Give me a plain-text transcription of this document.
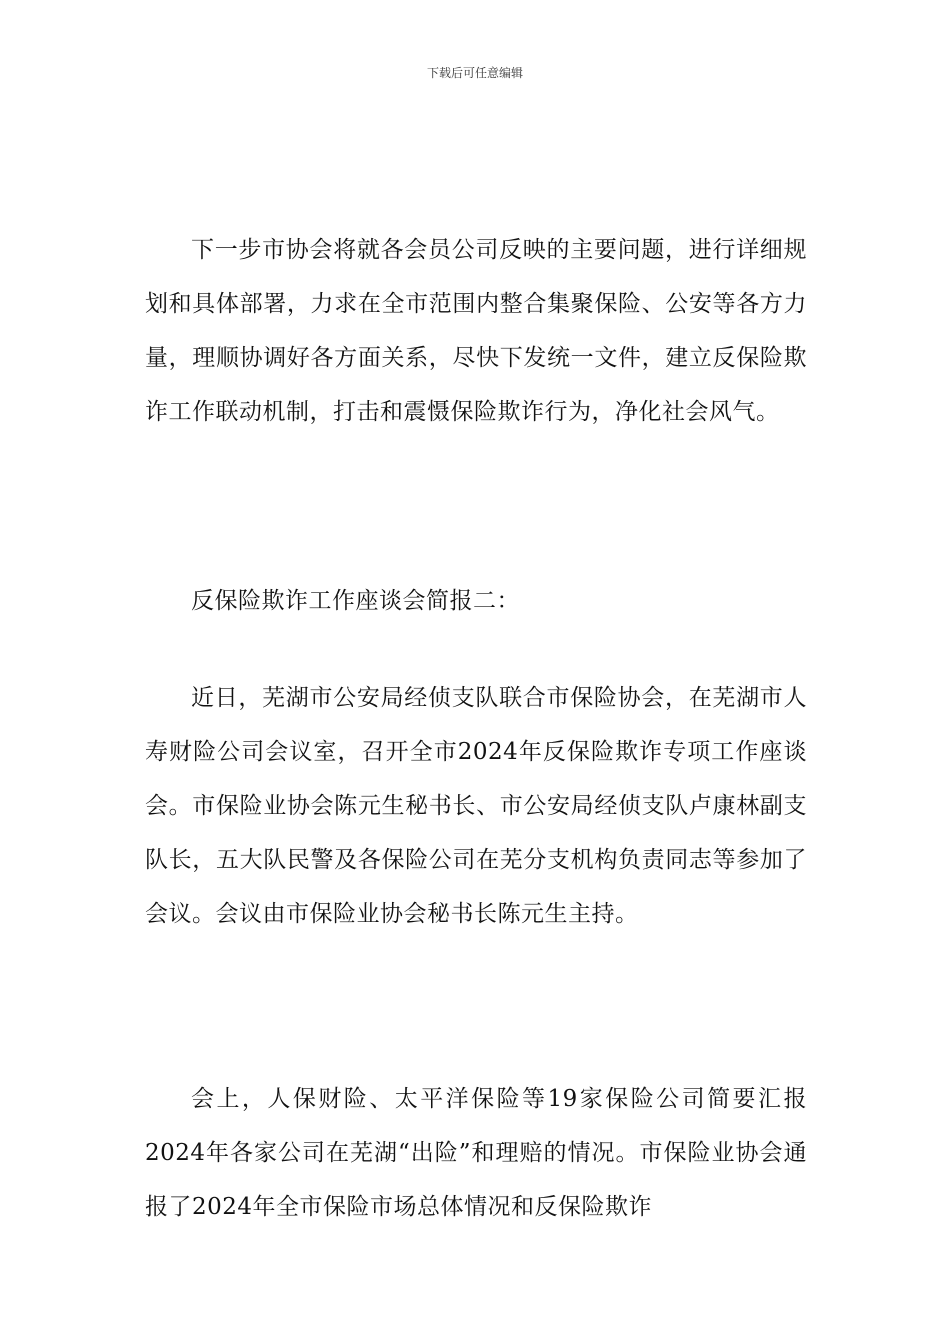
下载后可任意编辑

下一步市协会将就各会员公司反映的主要问题，进行详细规划和具体部署，力求在全市范围内整合集聚保险、公安等各方力量，理顺协调好各方面关系，尽快下发统一文件，建立反保险欺诈工作联动机制，打击和震慑保险欺诈行为，净化社会风气。

反保险欺诈工作座谈会简报二：

近日，芜湖市公安局经侦支队联合市保险协会，在芜湖市人寿财险公司会议室，召开全市2024年反保险欺诈专项工作座谈会。市保险业协会陈元生秘书长、市公安局经侦支队卢康林副支队长，五大队民警及各保险公司在芜分支机构负责同志等参加了会议。会议由市保险业协会秘书长陈元生主持。

会上，人保财险、太平洋保险等19家保险公司简要汇报2024年各家公司在芜湖“出险”和理赔的情况。市保险业协会通报了2024年全市保险市场总体情况和反保险欺诈
